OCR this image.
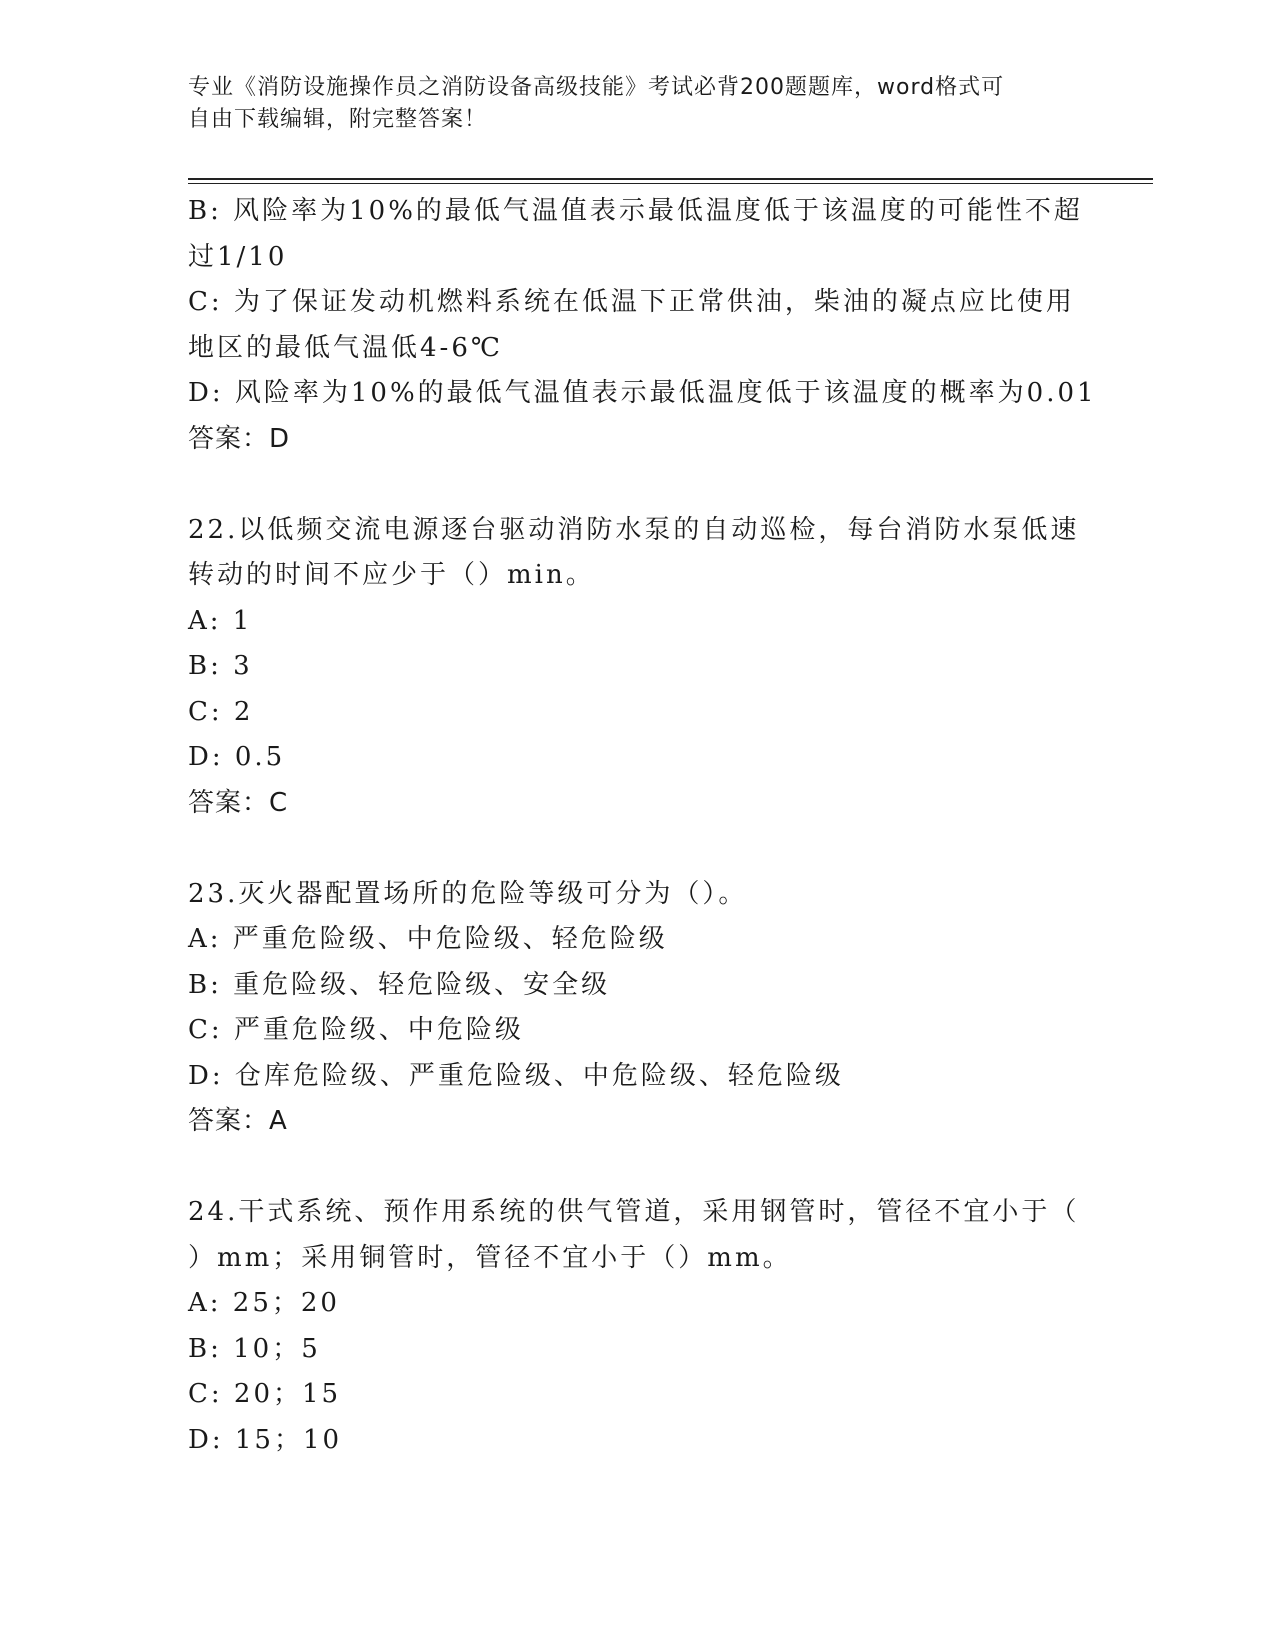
专业《消防设施操作员之消防设备高级技能》考试必背200题题库，word格式可
自由下载编辑，附完整答案！
B: 风险率为10%的最低气温值表示最低温度低于该温度的可能性不超
过1/10
C: 为了保证发动机燃料系统在低温下正常供油，柴油的凝点应比使用
地区的最低气温低4-6℃
D: 风险率为10%的最低气温值表示最低温度低于该温度的概率为0.01
答案：D
22.以低频交流电源逐台驱动消防水泵的自动巡检，每台消防水泵低速
转动的时间不应少于（）min。
A: 1
B: 3
C: 2
D: 0.5
答案：C
23.灭火器配置场所的危险等级可分为（）。
A: 严重危险级、中危险级、轻危险级
B: 重危险级、轻危险级、安全级
C: 严重危险级、中危险级
D: 仓库危险级、严重危险级、中危险级、轻危险级
答案：A
24.干式系统、预作用系统的供气管道，采用钢管时，管径不宜小于（
）mm；采用铜管时，管径不宜小于（）mm。
A: 25；20
B: 10；5
C: 20；15
D: 15；10
